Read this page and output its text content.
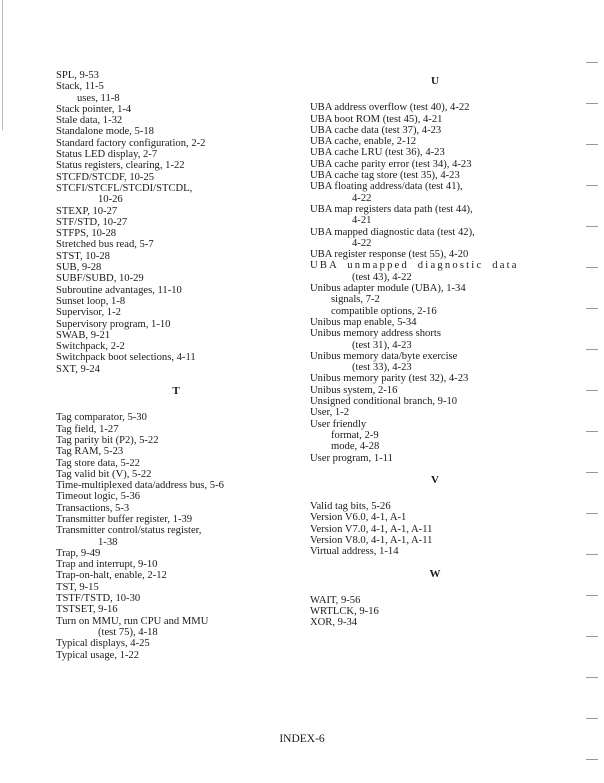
SPL, 9-53
Stack, 11-5
uses, 11-8
Stack pointer, 1-4
Stale data, 1-32
Standalone mode, 5-18
Standard factory configuration, 2-2
Status LED display, 2-7
Status registers, clearing, 1-22
STCFD/STCDF, 10-25
STCFI/STCFL/STCDI/STCDL,
10-26
STEXP, 10-27
STF/STD, 10-27
STFPS, 10-28
Stretched bus read, 5-7
STST, 10-28
SUB, 9-28
SUBF/SUBD, 10-29
Subroutine advantages, 11-10
Sunset loop, 1-8
Supervisor, 1-2
Supervisory program, 1-10
SWAB, 9-21
Switchpack, 2-2
Switchpack boot selections, 4-11
SXT, 9-24
T
Tag comparator, 5-30
Tag field, 1-27
Tag parity bit (P2), 5-22
Tag RAM, 5-23
Tag store data, 5-22
Tag valid bit (V), 5-22
Time-multiplexed data/address bus, 5-6
Timeout logic, 5-36
Transactions, 5-3
Transmitter buffer register, 1-39
Transmitter control/status register,
1-38
Trap, 9-49
Trap and interrupt, 9-10
Trap-on-halt, enable, 2-12
TST, 9-15
TSTF/TSTD, 10-30
TSTSET, 9-16
Turn on MMU, run CPU and MMU
(test 75), 4-18
Typical displays, 4-25
Typical usage, 1-22
U
UBA address overflow (test 40), 4-22
UBA boot ROM (test 45), 4-21
UBA cache data (test 37), 4-23
UBA cache, enable, 2-12
UBA cache LRU (test 36), 4-23
UBA cache parity error (test 34), 4-23
UBA cache tag store (test 35), 4-23
UBA floating address/data (test 41),
4-22
UBA map registers data path (test 44),
4-21
UBA mapped diagnostic data (test 42),
4-22
UBA register response (test 55), 4-20
UBA unmapped diagnostic data
(test 43), 4-22
Unibus adapter module (UBA), 1-34
signals, 7-2
compatible options, 2-16
Unibus map enable, 5-34
Unibus memory address shorts
(test 31), 4-23
Unibus memory data/byte exercise
(test 33), 4-23
Unibus memory parity (test 32), 4-23
Unibus system, 2-16
Unsigned conditional branch, 9-10
User, 1-2
User friendly
format, 2-9
mode, 4-28
User program, 1-11
V
Valid tag bits, 5-26
Version V6.0, 4-1, A-1
Version V7.0, 4-1, A-1, A-11
Version V8.0, 4-1, A-1, A-11
Virtual address, 1-14
W
WAIT, 9-56
WRTLCK, 9-16
XOR, 9-34
INDEX-6
